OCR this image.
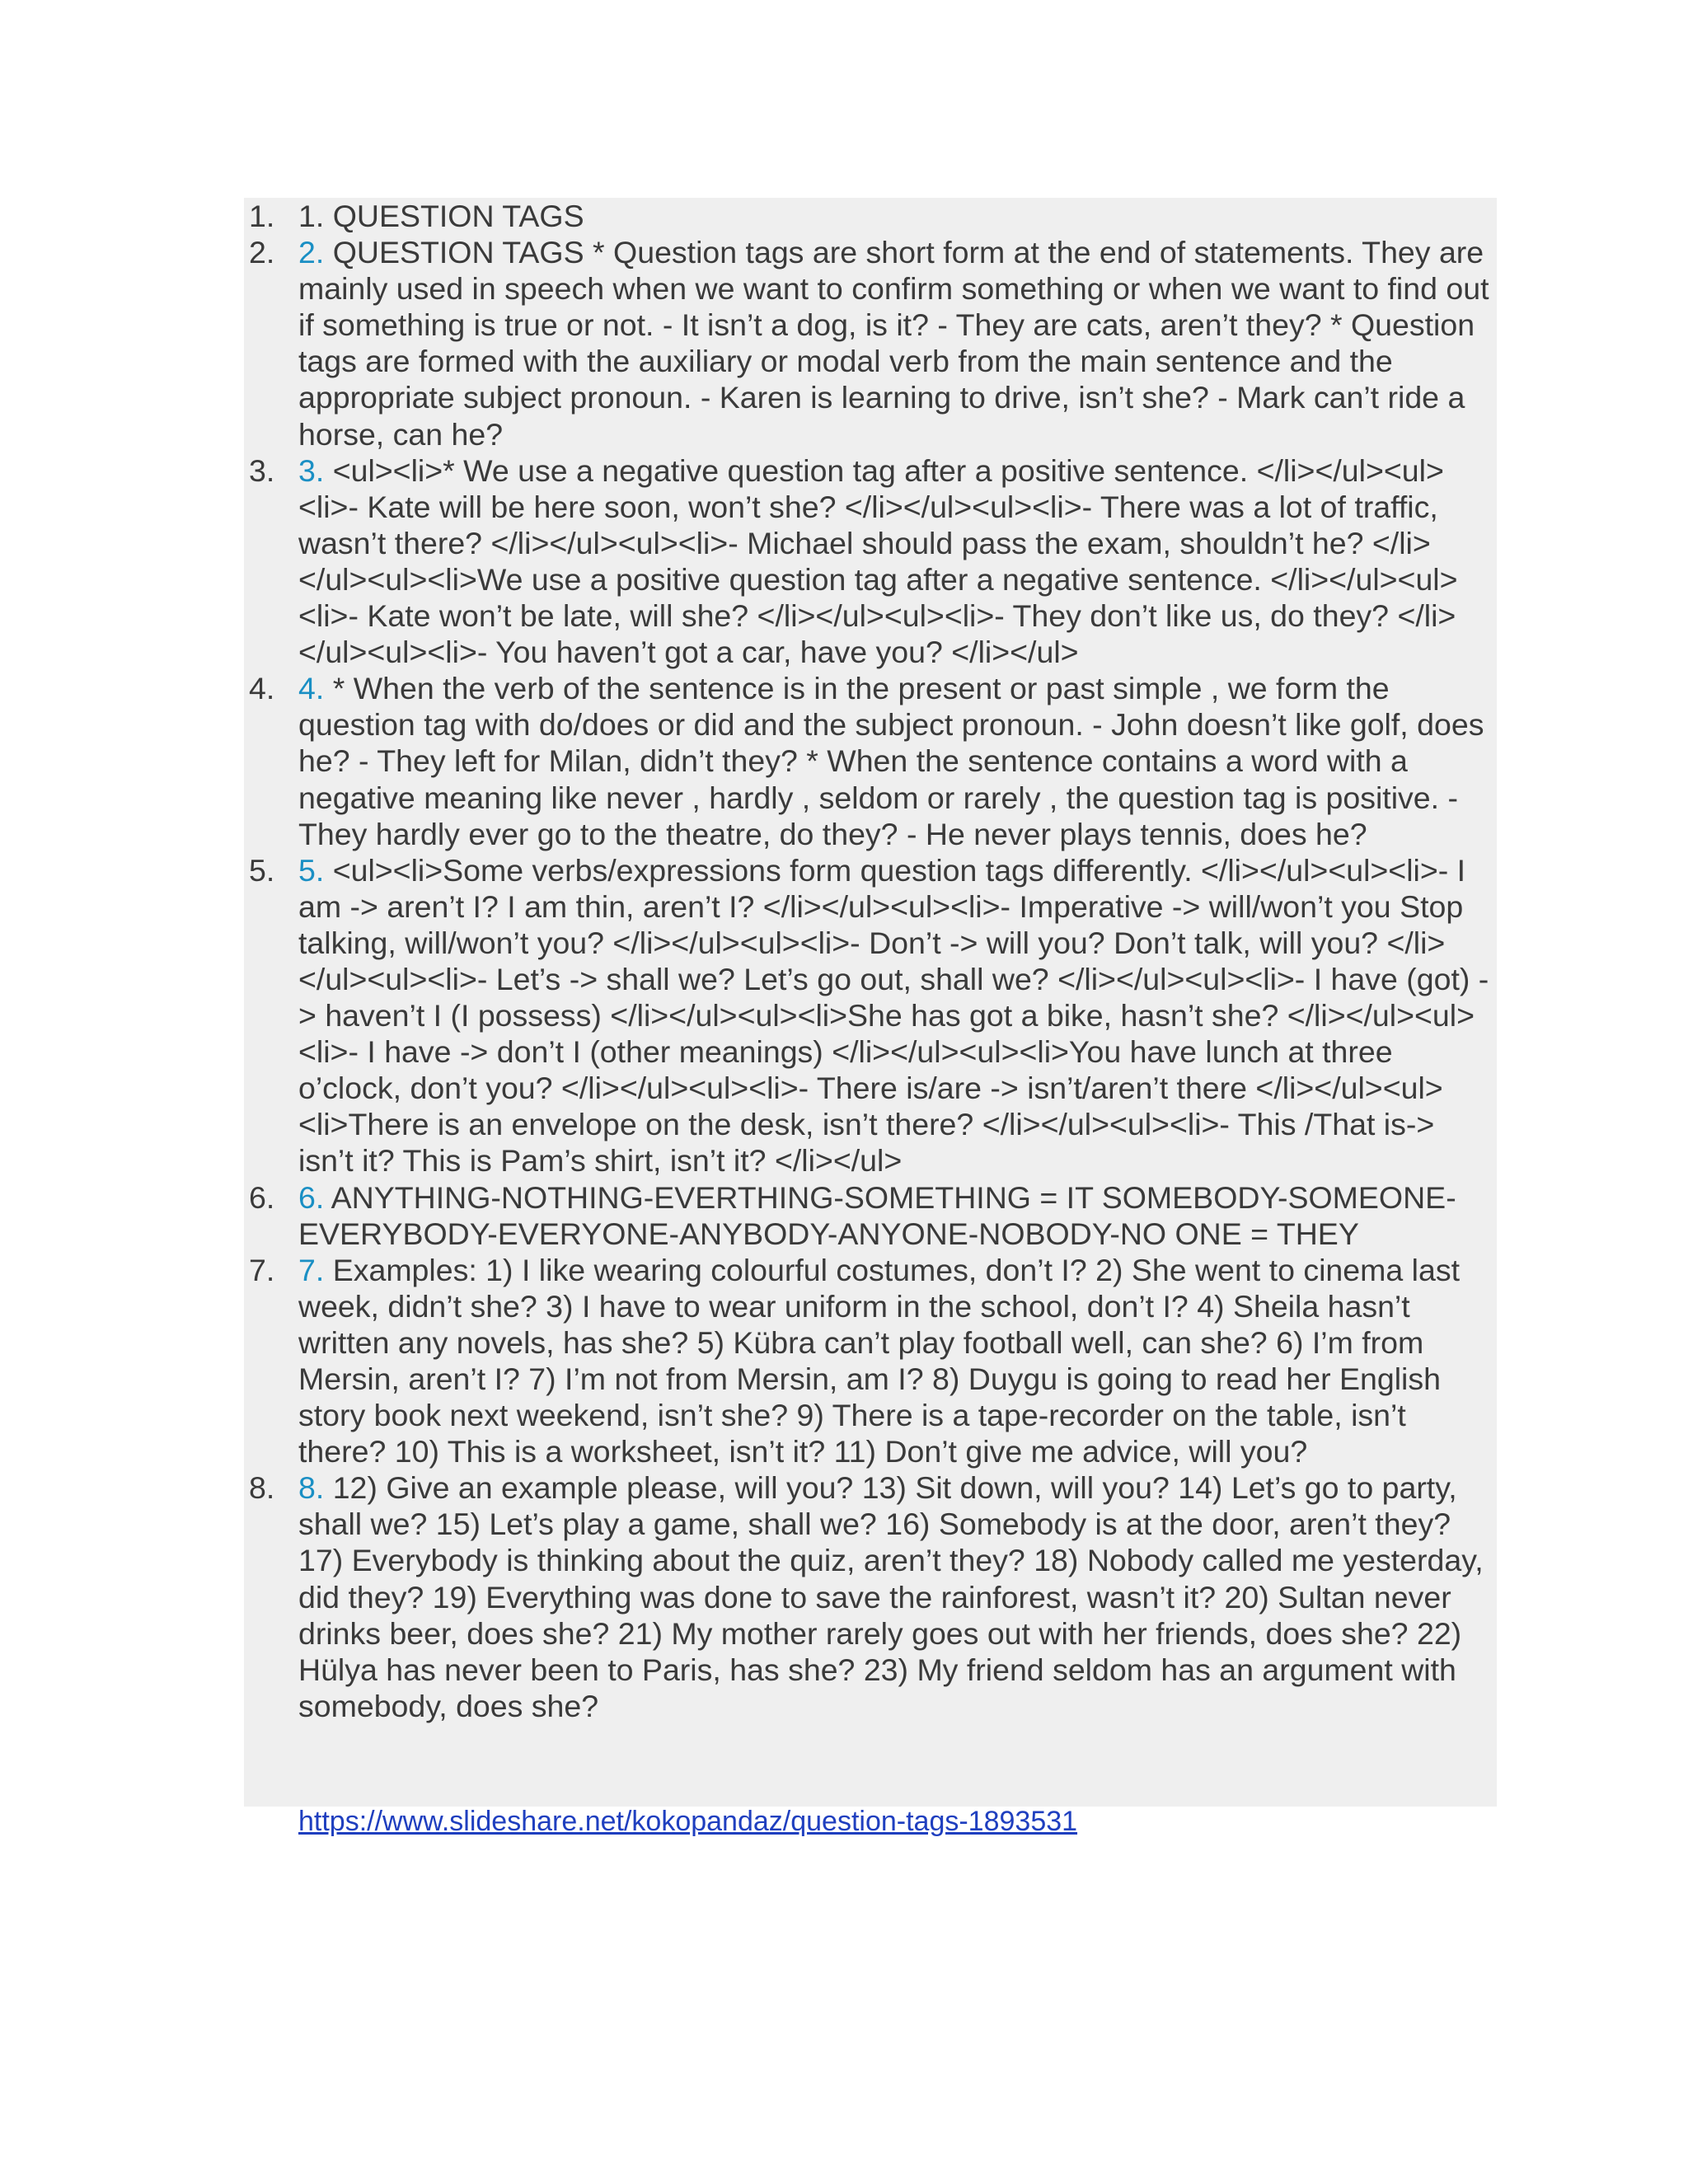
1. 1. QUESTION TAGS
2. 2. QUESTION TAGS * Question tags are short form at the end of statements. They are mainly used in speech when we want to confirm something or when we want to find out if something is true or not. - It isn’t a dog, is it? - They are cats, aren’t they? * Question tags are formed with the auxiliary or modal verb from the main sentence and the appropriate subject pronoun. - Karen is learning to drive, isn’t she? - Mark can’t ride a horse, can he?
3. 3. <ul><li>* We use a negative question tag after a positive sentence. </li></ul><ul><li>- Kate will be here soon, won’t she? </li></ul><ul><li>- There was a lot of traffic, wasn’t there? </li></ul><ul><li>- Michael should pass the exam, shouldn’t he? </li></ul><ul><li>We use a positive question tag after a negative sentence. </li></ul><ul><li>- Kate won’t be late, will she? </li></ul><ul><li>- They don’t like us, do they? </li></ul><ul><li>- You haven’t got a car, have you? </li></ul>
4. 4. * When the verb of the sentence is in the present or past simple , we form the question tag with do/does or did and the subject pronoun. - John doesn’t like golf, does he? - They left for Milan, didn’t they? * When the sentence contains a word with a negative meaning like never , hardly , seldom or rarely , the question tag is positive. - They hardly ever go to the theatre, do they? - He never plays tennis, does he?
5. 5. <ul><li>Some verbs/expressions form question tags differently. </li></ul><ul><li>- I am -> aren’t I? I am thin, aren’t I? </li></ul><ul><li>- Imperative -> will/won’t you Stop talking, will/won’t you? </li></ul><ul><li>- Don’t -> will you? Don’t talk, will you? </li></ul><ul><li>- Let’s -> shall we? Let’s go out, shall we? </li></ul><ul><li>- I have (got) -> haven’t I (I possess) </li></ul><ul><li>She has got a bike, hasn’t she? </li></ul><ul><li>- I have -> don’t I (other meanings) </li></ul><ul><li>You have lunch at three o’clock, don’t you? </li></ul><ul><li>- There is/are -> isn’t/aren’t there </li></ul><ul><li>There is an envelope on the desk, isn’t there? </li></ul><ul><li>- This /That is-> isn’t it? This is Pam’s shirt, isn’t it? </li></ul>
6. 6. ANYTHING-NOTHING-EVERTHING-SOMETHING = IT SOMEBODY-SOMEONE-EVERYBODY-EVERYONE-ANYBODY-ANYONE-NOBODY-NO ONE = THEY
7. 7. Examples: 1) I like wearing colourful costumes, don’t I? 2) She went to cinema last week, didn’t she? 3) I have to wear uniform in the school, don’t I? 4) Sheila hasn’t written any novels, has she? 5) Kübra can’t play football well, can she? 6) I’m from Mersin, aren’t I? 7) I’m not from Mersin, am I? 8) Duygu is going to read her English story book next weekend, isn’t she? 9) There is a tape-recorder on the table, isn’t there? 10) This is a worksheet, isn’t it? 11) Don’t give me advice, will you?
8. 8. 12) Give an example please, will you? 13) Sit down, will you? 14) Let’s go to party, shall we? 15) Let’s play a game, shall we? 16) Somebody is at the door, aren’t they? 17) Everybody is thinking about the quiz, aren’t they? 18) Nobody called me yesterday, did they? 19) Everything was done to save the rainforest, wasn’t it? 20) Sultan never drinks beer, does she? 21) My mother rarely goes out with her friends, does she? 22) Hülya has never been to Paris, has she? 23) My friend seldom has an argument with somebody, does she?
https://www.slideshare.net/kokopandaz/question-tags-1893531
